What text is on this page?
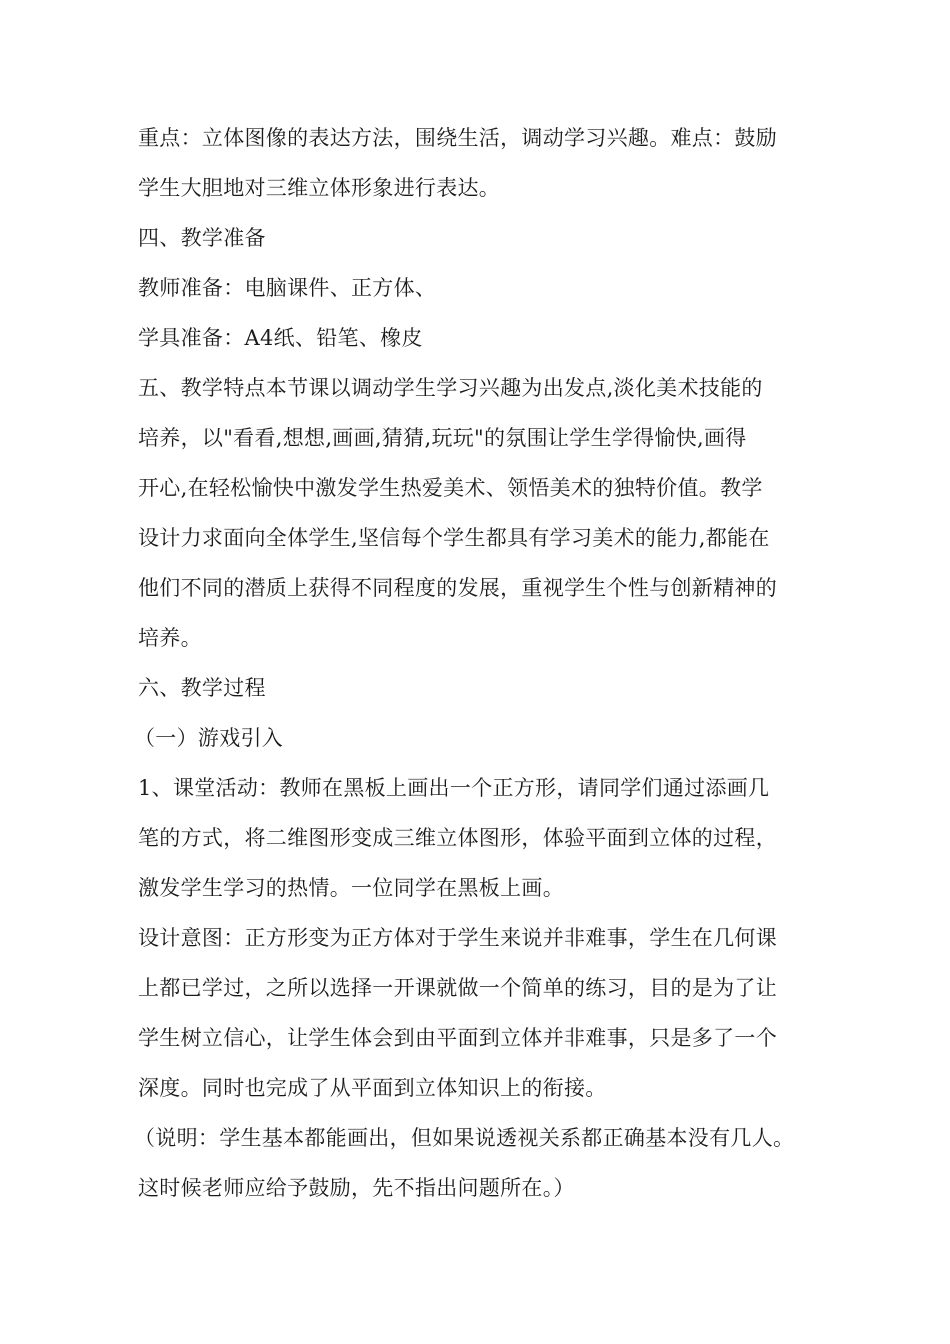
重点：立体图像的表达方法，围绕生活，调动学习兴趣。难点：鼓励
学生大胆地对三维立体形象进行表达。
四、教学准备
教师准备：电脑课件、正方体、
学具准备：A4纸、铅笔、橡皮
五、教学特点本节课以调动学生学习兴趣为出发点,淡化美术技能的
培养，以"看看,想想,画画,猜猜,玩玩"的氛围让学生学得愉快,画得
开心,在轻松愉快中激发学生热爱美术、领悟美术的独特价值。教学
设计力求面向全体学生,坚信每个学生都具有学习美术的能力,都能在
他们不同的潜质上获得不同程度的发展，重视学生个性与创新精神的
培养。
六、教学过程
（一）游戏引入
1、课堂活动：教师在黑板上画出一个正方形，请同学们通过添画几
笔的方式，将二维图形变成三维立体图形，体验平面到立体的过程，
激发学生学习的热情。一位同学在黑板上画。
设计意图：正方形变为正方体对于学生来说并非难事，学生在几何课
上都已学过，之所以选择一开课就做一个简单的练习，目的是为了让
学生树立信心，让学生体会到由平面到立体并非难事，只是多了一个
深度。同时也完成了从平面到立体知识上的衔接。
（说明：学生基本都能画出，但如果说透视关系都正确基本没有几人。
这时候老师应给予鼓励，先不指出问题所在。）
